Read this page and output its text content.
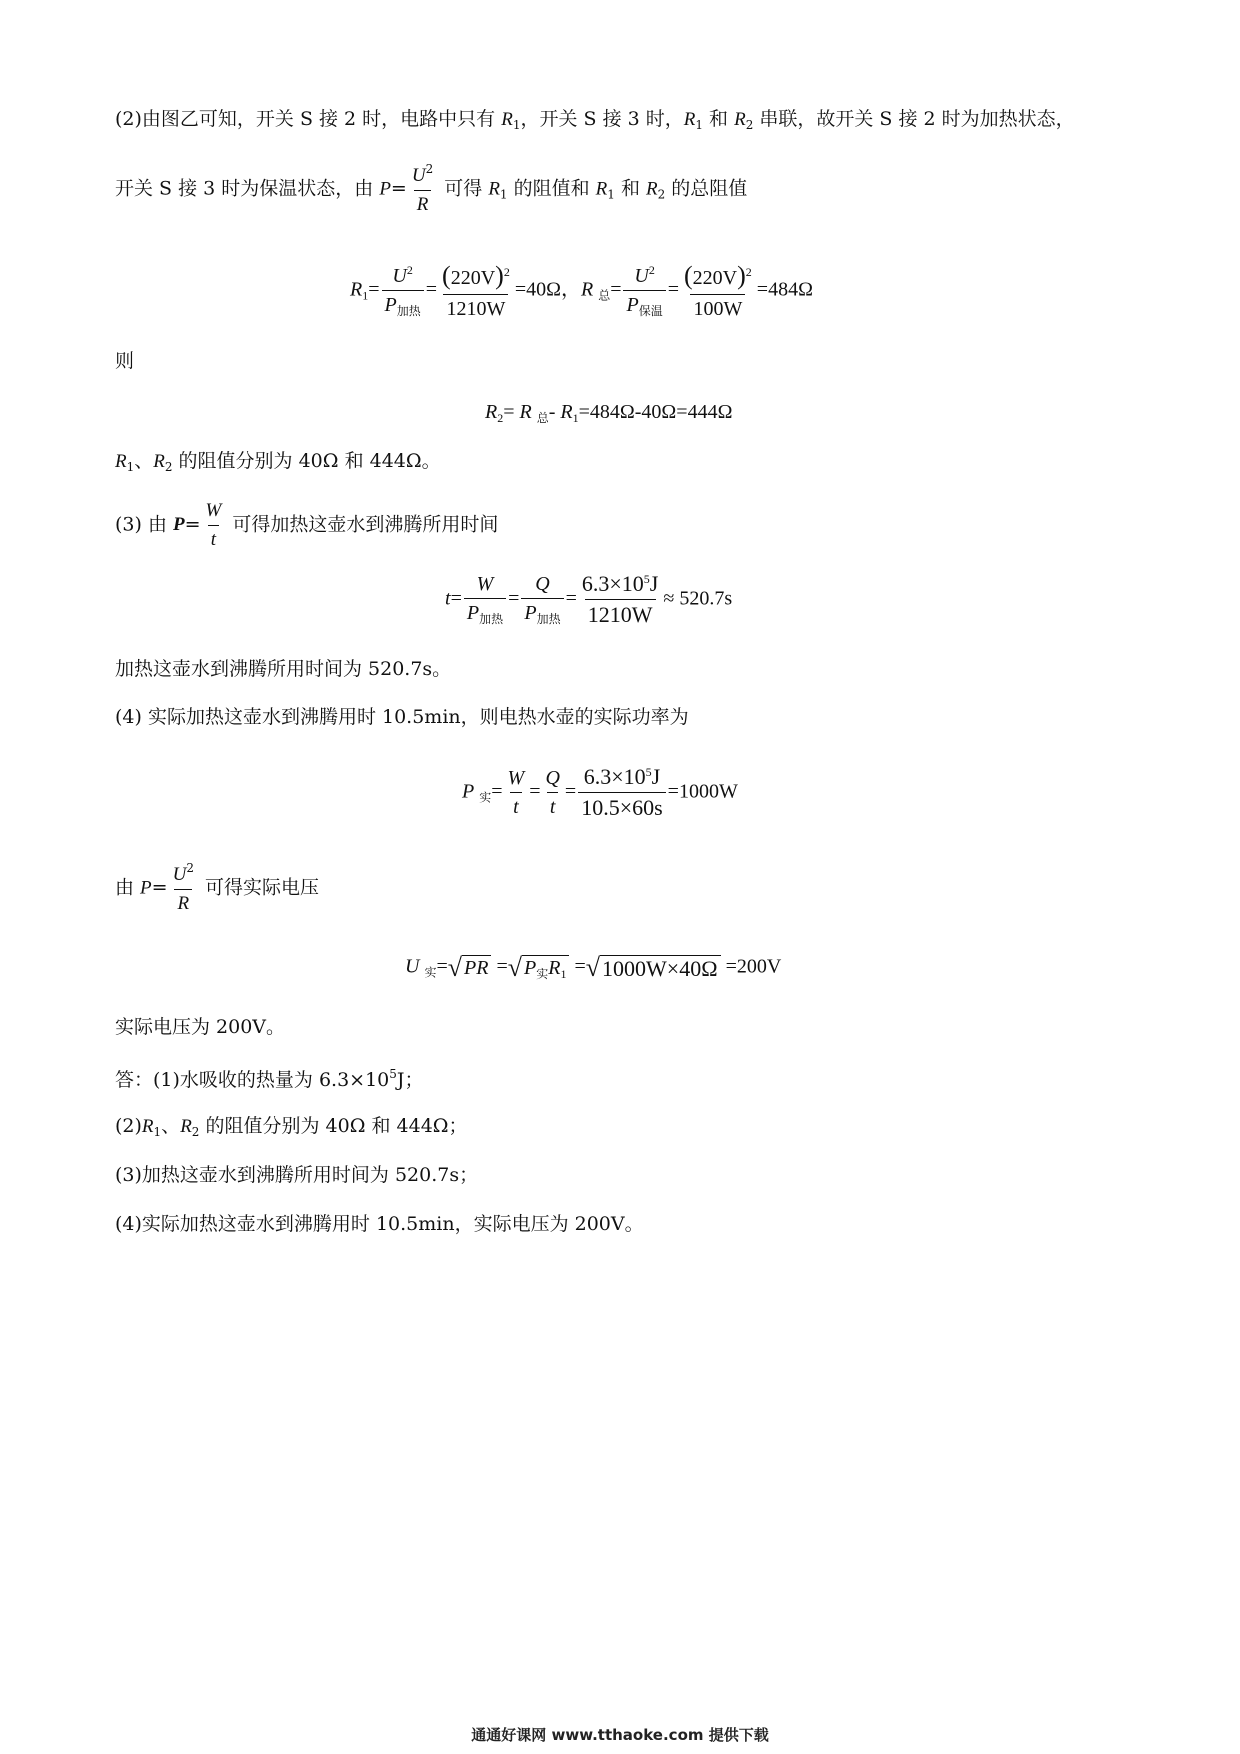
(2)由图乙可知，开关 S 接 2 时，电路中只有 $R_1$，开关 S 接 3 时，$R_1$ 和 $R_2$ 串联，故开关 S 接 2 时为加热状态，
开关 S 接 3 时为保温状态，由 $P= \frac{U^2}{R}$ 可得 $R_1$ 的阻值和 $R_1$ 和 $R_2$ 的总阻值
$R_1= \frac{U^2}{P_{加热}} = \frac{(220V)^2}{1210W} =40\Omega$，R $_总= \frac{U^2}{P_{保温}} = \frac{(220V)^2}{100W} =484\Omega$
则
$R_2= R$ $_总$- $R_1=484\Omega-40\Omega=444\Omega$
$R_1$、$R_2$ 的阻值分别为 40Ω 和 444Ω。
(3) 由 $P= \frac{W}{t}$ 可得加热这壶水到沸腾所用时间
$t= \frac{W}{P_{加热}} = \frac{Q}{P_{加热}} = \frac{6.3\times 10^5J}{1210W} \approx 520.7s$
加热这壶水到沸腾所用时间为 520.7s。
(4) 实际加热这壶水到沸腾用时 10.5min，则电热水壶的实际功率为
P $_实= \frac{W}{t} = \frac{Q}{t} = \frac{6.3\times 10^5J}{10.5\times 60s} =1000W$
由 $P= \frac{U^2}{R}$ 可得实际电压
U $_实$= √ PR = √ $P_实R_1$ = √ 1000W×40Ω =200V
实际电压为 200V。
答：(1)水吸收的热量为 $6.3\times 10^5J$；
$(2)R_1$、$R_2$ 的阻值分别为 40Ω 和 444Ω；
(3)加热这壶水到沸腾所用时间为 520.7s；
(4)实际加热这壶水到沸腾用时 10.5min，实际电压为 200V。
通通好课网 www.tthaoke.com 提供下载
